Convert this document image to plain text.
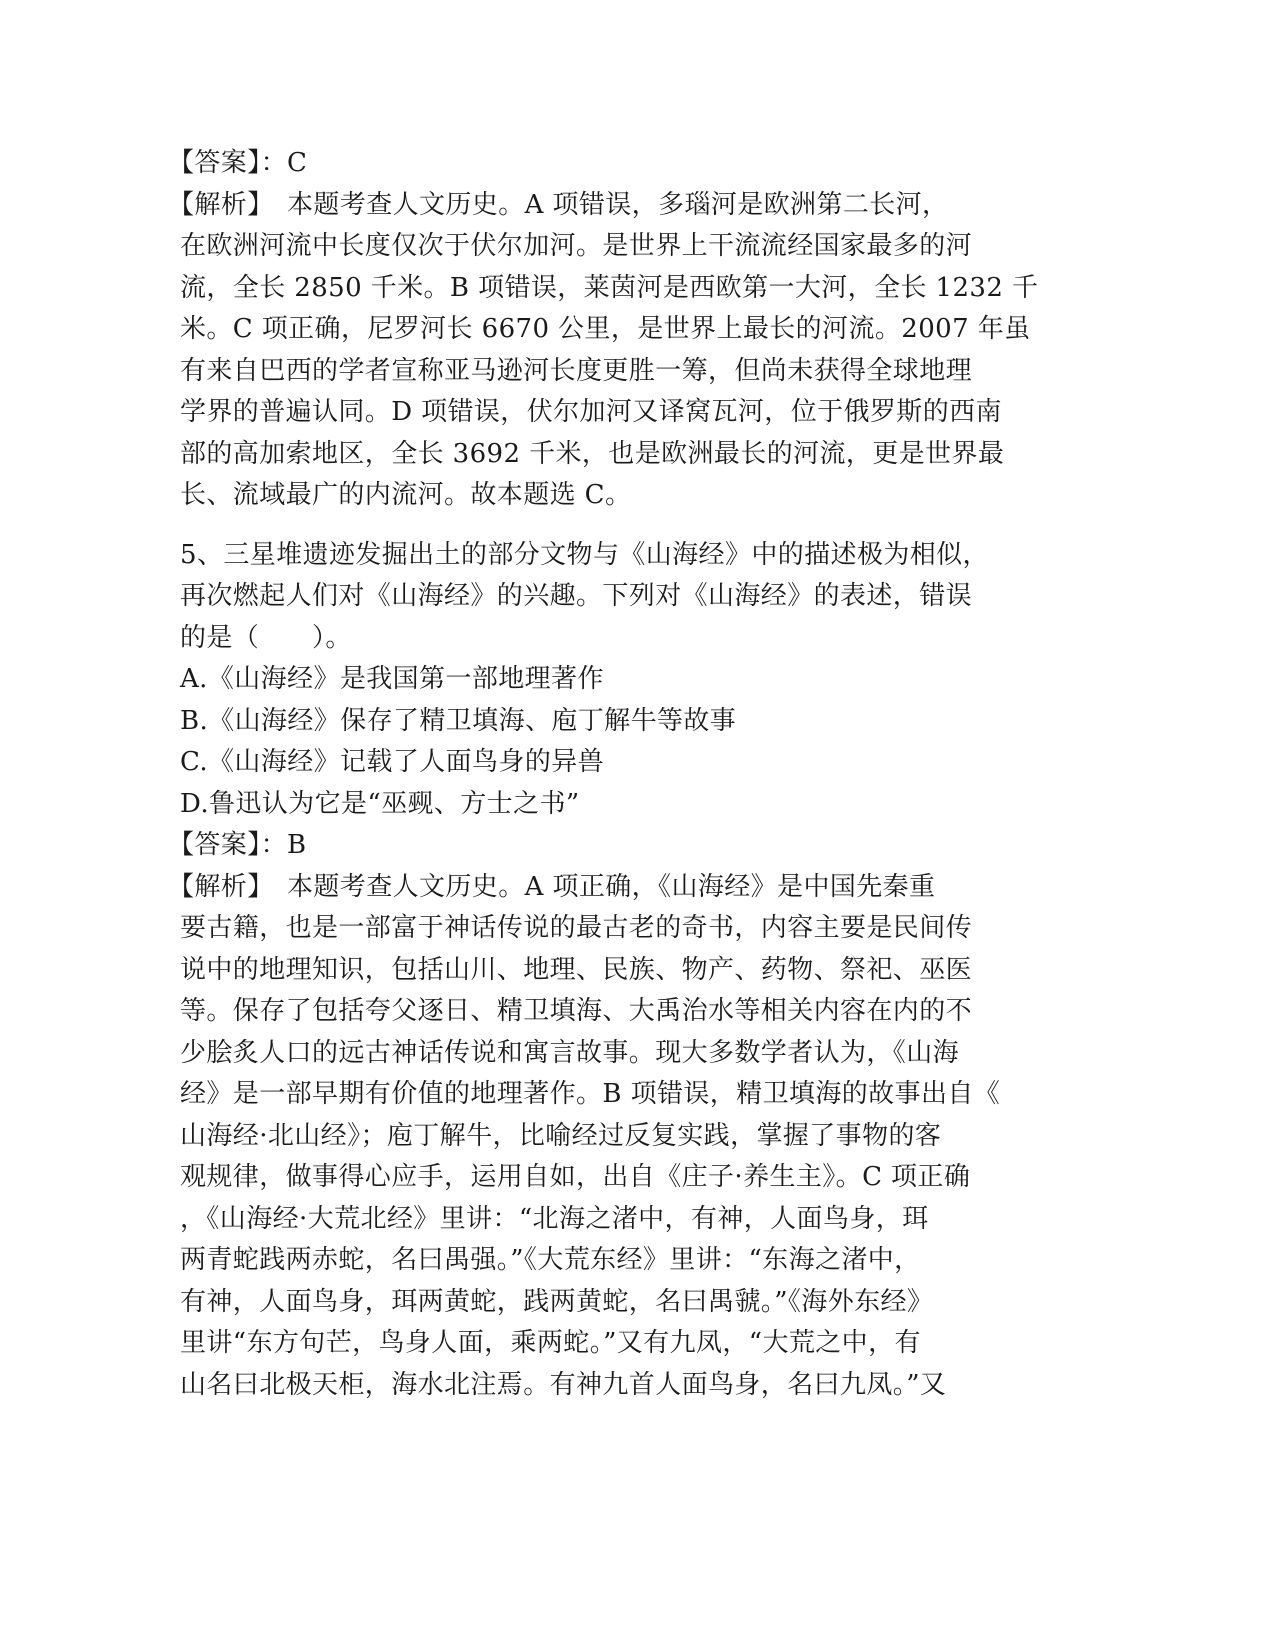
【答案】：C
【解析】　本题考查人文历史。A 项错误，多瑙河是欧洲第二长河，
在欧洲河流中长度仅次于伏尔加河。是世界上干流流经国家最多的河
流，全长 2850 千米。B 项错误，莱茵河是西欧第一大河，全长 1232 千
米。C 项正确，尼罗河长 6670 公里，是世界上最长的河流。2007 年虽
有来自巴西的学者宣称亚马逊河长度更胜一筹，但尚未获得全球地理
学界的普遍认同。D 项错误，伏尔加河又译窝瓦河，位于俄罗斯的西南
部的高加索地区，全长 3692 千米，也是欧洲最长的河流，更是世界最
长、流域最广的内流河。故本题选 C。
5、三星堆遗迹发掘出土的部分文物与《山海经》中的描述极为相似，
再次燃起人们对《山海经》的兴趣。下列对《山海经》的表述，错误
的是（　　）。
A.《山海经》是我国第一部地理著作
B.《山海经》保存了精卫填海、庖丁解牛等故事
C.《山海经》记载了人面鸟身的异兽
D.鲁迅认为它是“巫觋、方士之书”
【答案】：B
【解析】　本题考查人文历史。A 项正确，《山海经》是中国先秦重
要古籍，也是一部富于神话传说的最古老的奇书，内容主要是民间传
说中的地理知识，包括山川、地理、民族、物产、药物、祭祀、巫医
等。保存了包括夸父逐日、精卫填海、大禹治水等相关内容在内的不
少脍炙人口的远古神话传说和寓言故事。现大多数学者认为，《山海
经》是一部早期有价值的地理著作。B 项错误，精卫填海的故事出自《
山海经·北山经》；庖丁解牛，比喻经过反复实践，掌握了事物的客
观规律，做事得心应手，运用自如，出自《庄子·养生主》。C 项正确
，《山海经·大荒北经》里讲：“北海之渚中，有神，人面鸟身，珥
两青蛇践两赤蛇，名曰禺强。”《大荒东经》里讲：“东海之渚中，
有神，人面鸟身，珥两黄蛇，践两黄蛇，名曰禺虢。”《海外东经》
里讲“东方句芒，鸟身人面，乘两蛇。”又有九凤，“大荒之中，有
山名曰北极天柜，海水北注焉。有神九首人面鸟身，名曰九凤。”又
